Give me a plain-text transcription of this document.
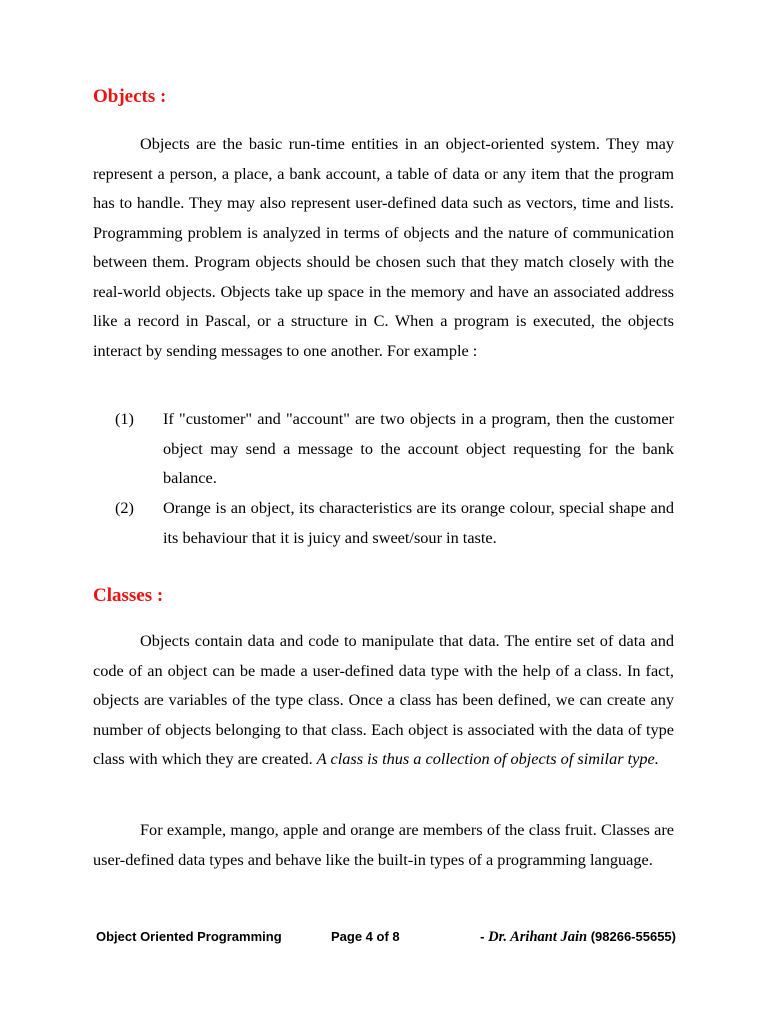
Objects :

Objects are the basic run-time entities in an object-oriented system. They may represent a person, a place, a bank account, a table of data or any item that the program has to handle. They may also represent user-defined data such as vectors, time and lists. Programming problem is analyzed in terms of objects and the nature of communication between them. Program objects should be chosen such that they match closely with the real-world objects. Objects take up space in the memory and have an associated address like a record in Pascal, or a structure in C. When a program is executed, the objects interact by sending messages to one another. For example :

(1) If "customer" and "account" are two objects in a program, then the customer object may send a message to the account object requesting for the bank balance.

(2) Orange is an object, its characteristics are its orange colour, special shape and its behaviour that it is juicy and sweet/sour in taste.

Classes :

Objects contain data and code to manipulate that data. The entire set of data and code of an object can be made a user-defined data type with the help of a class. In fact, objects are variables of the type class. Once a class has been defined, we can create any number of objects belonging to that class. Each object is associated with the data of type class with which they are created. A class is thus a collection of objects of similar type.

For example, mango, apple and orange are members of the class fruit. Classes are user-defined data types and behave like the built-in types of a programming language.

Object Oriented Programming	Page 4 of 8	- Dr. Arihant Jain (98266-55655)
